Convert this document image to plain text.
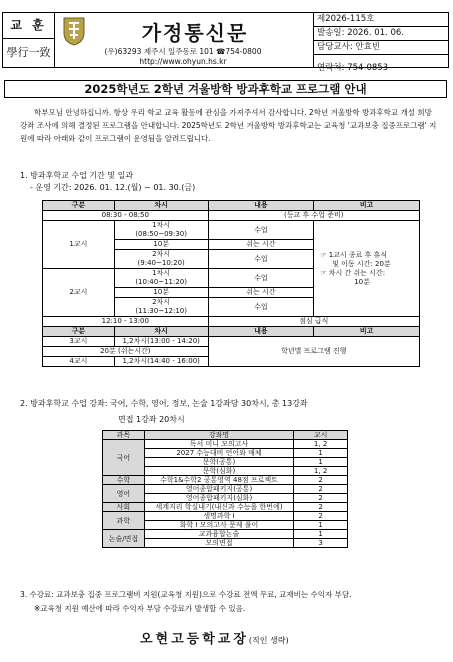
교 훈
學行一致
가정통신문
(우)63293 제주시 일주동로 101 ☎754-0800
http://www.ohyun.hs.kr
제2026-115호
발송일: 2026. 01. 06.
담당교사: 안효빈
연락처: 754-0853
2025학년도 2학년 겨울방학 방과후학교 프로그램 안내
학부모님 안녕하십니까. 항상 우리 학교 교육 활동에 관심을 가져주셔서 감사합니다. 2학년 겨울방학 방과후학교 개설 희망 강좌 조사에 의해 결정된 프로그램을 안내합니다. 2025학년도 2학년 겨울방학 방과후학교는 교육청 '교과보충 집중프로그램' 지원에 따라 아래와 같이 프로그램이 운영됨을 알려드립니다.
1. 방과후학교 수업 기간 및 일과
- 운영 기간: 2026. 01. 12.(월) ~ 01. 30.(금)
구분	차시	내용	비고
08:30 - 08:50		(등교 후 수업 준비)	
1교시	1차시
(08:50~09:30)	수업	☞ 1교시 종료 후 휴식
및 이동 시간: 20분
☞ 차시 간 쉬는 시간:
10분
	10분	쉬는 시간	
	2차시
(9:40~10:20)	수업	
2교시	1차시
(10:40~11:20)	수업	
	10분	쉬는 시간	
	2차시
(11:30~12:10)	수업	
12:10 - 13:00		점심 급식	
구분	차시	내용	비고
3교시	1,2차시(13:00 - 14:20)	학년별 프로그램 진행	
20분 (쉬는시간)			
4교시	1,2차시(14:40 - 16:00)		
2. 방과후학교 수업 강좌: 국어, 수학, 영어, 정보, 논술 1강좌당 30차시, 총 13강좌
면접 1강좌 20차시
과목	강좌명	교시
국어	독서 미니 모의고사	1, 2
	2027 수능대비 언어와 매체	1
	문학(공통)	1
	문학(심화)	1, 2
수학	수학1&수학2 공통영역 48점 프로젝트	2
영어	영어종합패키지(공통)	2
	영어종합패키지(심화)	2
사회	세계지리 학실내기(내신과 수능을 한번에)	2
과학	생명과학 I	2
	화학 I 모의고사 문제 풀이	1
논술/면접	교과융합논술	1
	모의면접	3
3. 수강료: 교과보충 집중 프로그램비 지원(교육청 지원)으로 수강료 전액 무료, 교재비는 수익자 부담.
※교육청 지원 예산에 따라 수익자 부담 수강료가 발생할 수 있음.
오현고등학교장(직인 생략)
